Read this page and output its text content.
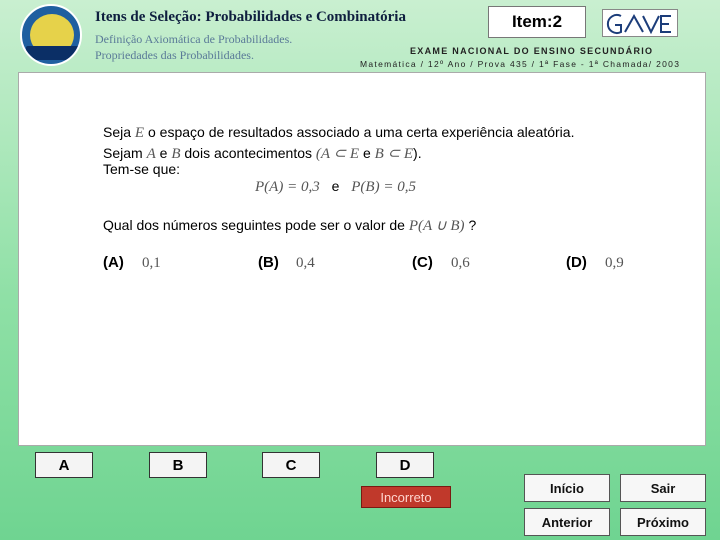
Itens de Seleção: Probabilidades e Combinatória
Definição Axiomática de Probabilidades.
Propriedades das Probabilidades.
Item:2
EXAME NACIONAL DO ENSINO SECUNDÁRIO
Matemática / 12º Ano / Prova 435 / 1ª Fase - 1ª Chamada/ 2003
Seja E o espaço de resultados associado a uma certa experiência aleatória.
Sejam A e B dois acontecimentos (A ⊂ E e B ⊂ E).
Tem-se que:
P(A) = 0,3 e P(B) = 0,5
Qual dos números seguintes pode ser o valor de P(A ∪ B) ?
(A) 0,1	(B) 0,4	(C) 0,6	(D) 0,9
A	B	C	D
Incorreto
Início	Sair
Anterior	Próximo
